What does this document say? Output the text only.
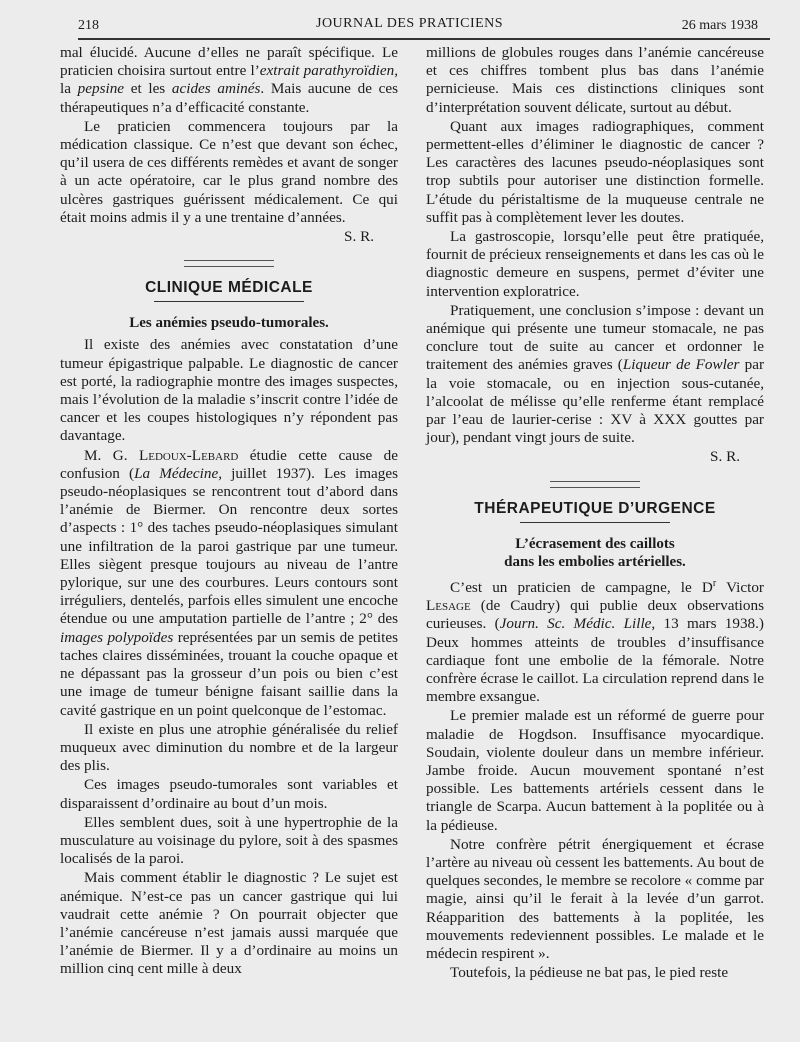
218	JOURNAL DES PRATICIENS	26 mars 1938

mal élucidé. Aucune d’elles ne paraît spécifique. Le praticien choisira surtout entre l’extrait parathyroïdien, la pepsine et les acides aminés. Mais aucune de ces thérapeutiques n’a d’efficacité constante.

Le praticien commencera toujours par la médication classique. Ce n’est que devant son échec, qu’il usera de ces différents remèdes et avant de songer à un acte opératoire, car le plus grand nombre des ulcères gastriques guérissent médicalement. Ce qui était moins admis il y a une trentaine d’années.

S. R.

CLINIQUE MÉDICALE
Les anémies pseudo-tumorales.

Il existe des anémies avec constatation d’une tumeur épigastrique palpable. Le diagnostic de cancer est porté, la radiographie montre des images suspectes, mais l’évolution de la maladie s’inscrit contre l’idée de cancer et les coupes histologiques n’y répondent pas davantage.

M. G. Ledoux-Lebard étudie cette cause de confusion (La Médecine, juillet 1937). Les images pseudo-néoplasiques se rencontrent tout d’abord dans l’anémie de Biermer. On rencontre deux sortes d’aspects : 1° des taches pseudo-néoplasiques simulant une infiltration de la paroi gastrique par une tumeur. Elles siègent presque toujours au niveau de l’antre pylorique, sur une des courbures. Leurs contours sont irréguliers, dentelés, parfois elles simulent une encoche étendue ou une amputation partielle de l’antre ; 2° des images polypoïdes représentées par un semis de petites taches claires disséminées, trouant la couche opaque et ne dépassant pas la grosseur d’un pois ou bien c’est une image de tumeur bénigne faisant saillie dans la cavité gastrique en un point quelconque de l’estomac.

Il existe en plus une atrophie généralisée du relief muqueux avec diminution du nombre et de la largeur des plis.

Ces images pseudo-tumorales sont variables et disparaissent d’ordinaire au bout d’un mois.

Elles semblent dues, soit à une hypertrophie de la musculature au voisinage du pylore, soit à des spasmes localisés de la paroi.

Mais comment établir le diagnostic ? Le sujet est anémique. N’est-ce pas un cancer gastrique qui lui vaudrait cette anémie ? On pourrait objecter que l’anémie cancéreuse n’est jamais aussi marquée que l’anémie de Biermer. Il y a d’ordinaire au moins un million cinq cent mille à deux

millions de globules rouges dans l’anémie cancéreuse et ces chiffres tombent plus bas dans l’anémie pernicieuse. Mais ces distinctions cliniques sont d’interprétation souvent délicate, surtout au début.

Quant aux images radiographiques, comment permettent-elles d’éliminer le diagnostic de cancer ? Les caractères des lacunes pseudo-néoplasiques sont trop subtils pour autoriser une distinction formelle. L’étude du péristaltisme de la muqueuse centrale ne suffit pas à complètement lever les doutes.

La gastroscopie, lorsqu’elle peut être pratiquée, fournit de précieux renseignements et dans les cas où le diagnostic demeure en suspens, permet d’éviter une intervention exploratrice.

Pratiquement, une conclusion s’impose : devant un anémique qui présente une tumeur stomacale, ne pas conclure tout de suite au cancer et ordonner le traitement des anémies graves (Liqueur de Fowler par la voie stomacale, ou en injection sous-cutanée, l’alcoolat de mélisse qu’elle renferme étant remplacé par l’eau de laurier-cerise : XV à XXX gouttes par jour), pendant vingt jours de suite.

S. R.

THÉRAPEUTIQUE D’URGENCE
L’écrasement des caillots
dans les embolies artérielles.

C’est un praticien de campagne, le $D^r$ Victor Lesage (de Caudry) qui publie deux observations curieuses. (Journ. Sc. Médic. Lille, 13 mars 1938.) Deux hommes atteints de troubles d’insuffisance cardiaque font une embolie de la fémorale. Notre confrère écrase le caillot. La circulation reprend dans le membre exsangue.

Le premier malade est un réformé de guerre pour maladie de Hogdson. Insuffisance myocardique. Soudain, violente douleur dans un membre inférieur. Jambe froide. Aucun mouvement spontané n’est possible. Les battements artériels cessent dans le triangle de Scarpa. Aucun battement à la poplitée ou à la pédieuse.

Notre confrère pétrit énergiquement et écrase l’artère au niveau où cessent les battements. Au bout de quelques secondes, le membre se recolore « comme par magie, ainsi qu’il le ferait à la levée d’un garrot. Réapparition des battements à la poplitée, les mouvements redeviennent possibles. Le malade et le médecin respirent ».

Toutefois, la pédieuse ne bat pas, le pied reste
